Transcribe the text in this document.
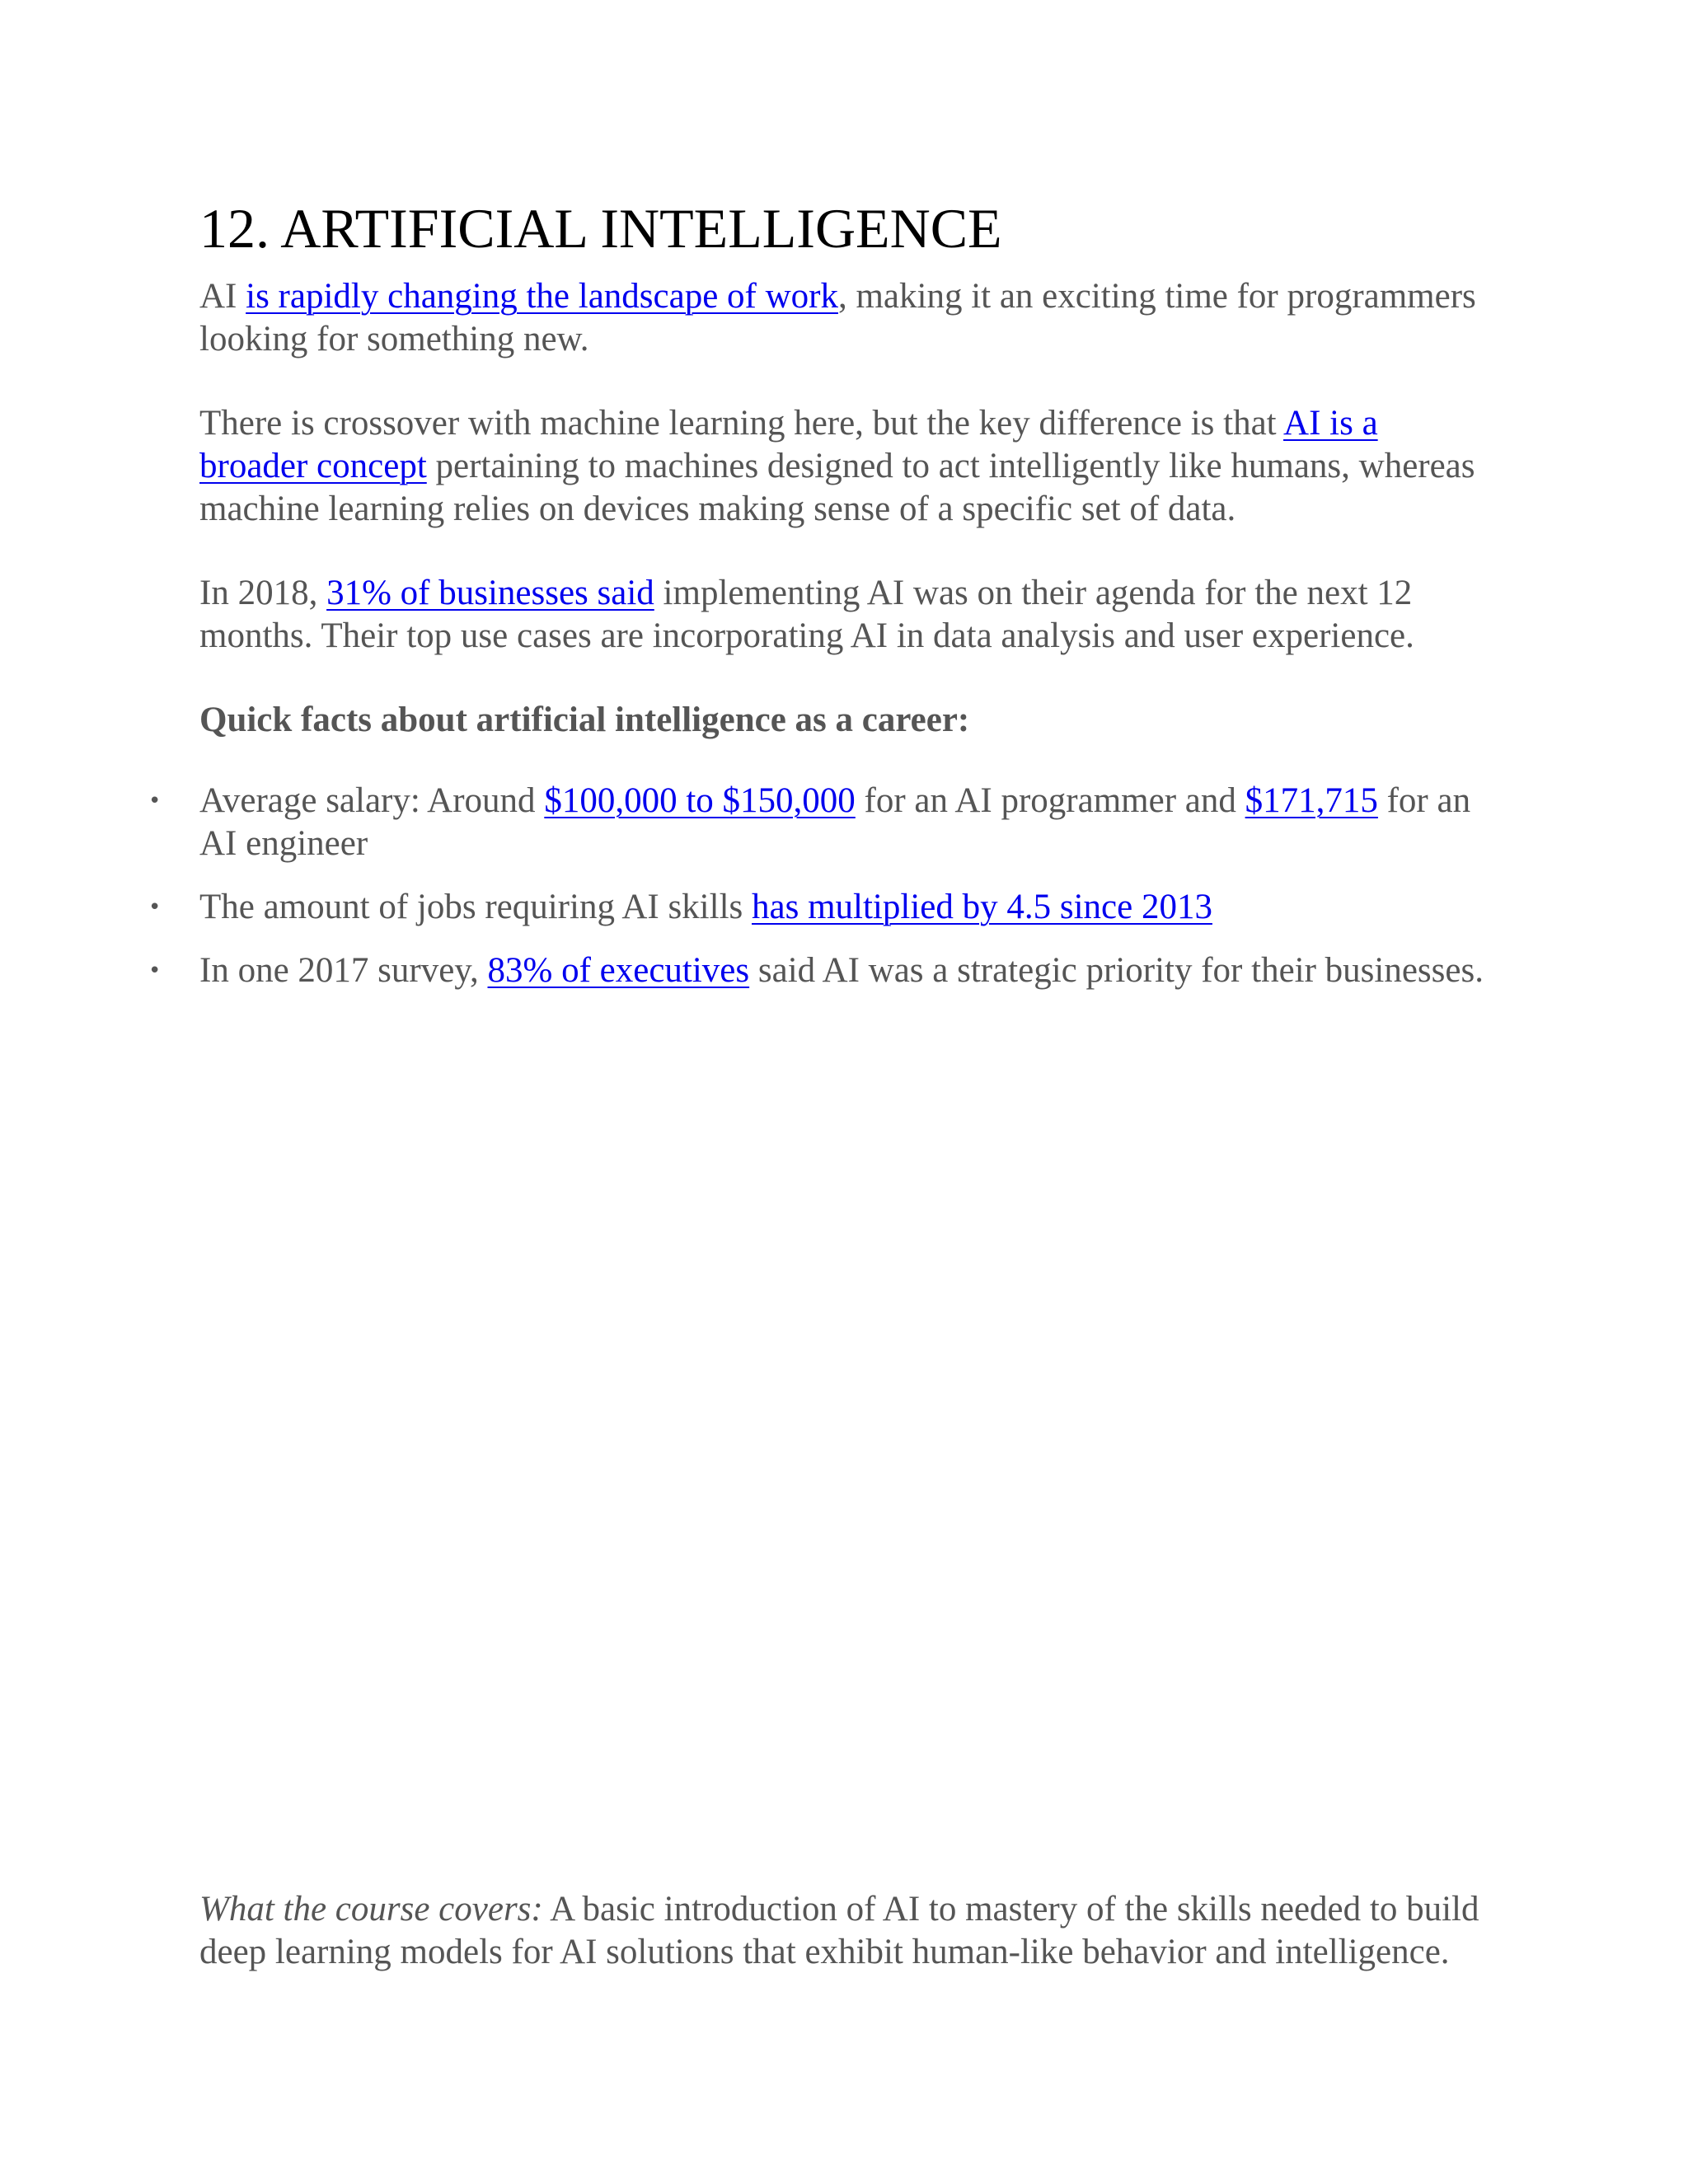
12. ARTIFICIAL INTELLIGENCE

AI is rapidly changing the landscape of work, making it an exciting time for programmers looking for something new.

There is crossover with machine learning here, but the key difference is that AI is a broader concept pertaining to machines designed to act intelligently like humans, whereas machine learning relies on devices making sense of a specific set of data.

In 2018, 31% of businesses said implementing AI was on their agenda for the next 12 months. Their top use cases are incorporating AI in data analysis and user experience.

Quick facts about artificial intelligence as a career:

• Average salary: Around $100,000 to $150,000 for an AI programmer and $171,715 for an AI engineer
• The amount of jobs requiring AI skills has multiplied by 4.5 since 2013
• In one 2017 survey, 83% of executives said AI was a strategic priority for their businesses.

What the course covers: A basic introduction of AI to mastery of the skills needed to build deep learning models for AI solutions that exhibit human-like behavior and intelligence.
